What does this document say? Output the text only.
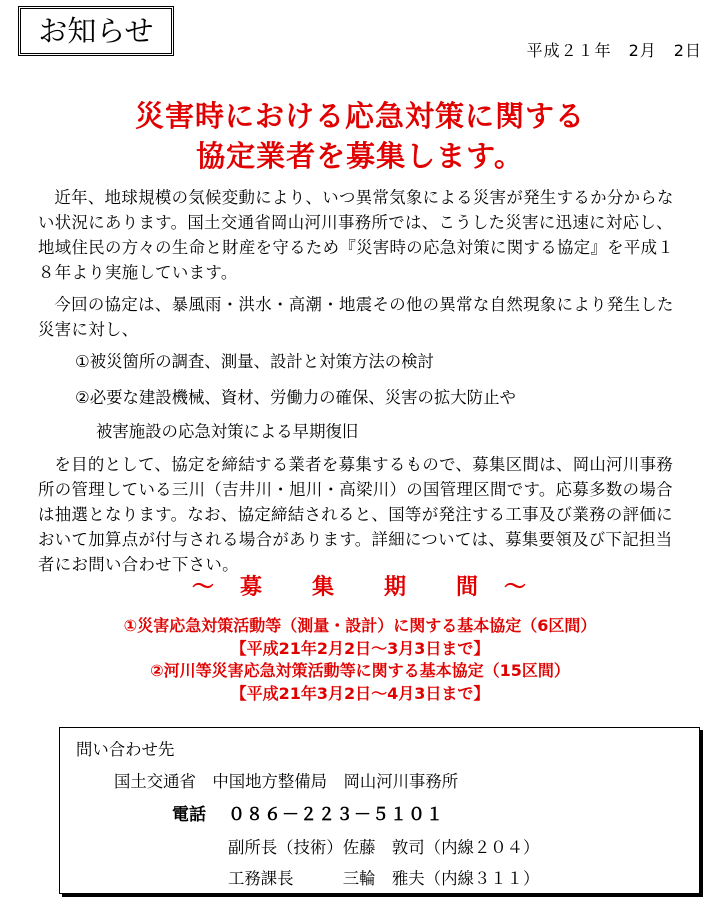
お知らせ
平成２１年　2月　2日
災害時における応急対策に関する
協定業者を募集します。

近年、地球規模の気候変動により、いつ異常気象による災害が発生するか分からない状況にあります。国土交通省岡山河川事務所では、こうした災害に迅速に対応し、地域住民の方々の生命と財産を守るため『災害時の応急対策に関する協定』を平成１８年より実施しています。

今回の協定は、暴風雨・洪水・高潮・地震その他の異常な自然現象により発生した災害に対し、

①被災箇所の調査、測量、設計と対策方法の検討

②必要な建設機械、資材、労働力の確保、災害の拡大防止や

被害施設の応急対策による早期復旧

を目的として、協定を締結する業者を募集するもので、募集区間は、岡山河川事務所の管理している三川（吉井川・旭川・高梁川）の国管理区間です。応募多数の場合は抽選となります。なお、協定締結されると、国等が発注する工事及び業務の評価において加算点が付与される場合があります。詳細については、募集要領及び下記担当者にお問い合わせ下さい。

～　募　　集　　期　　間　～
①災害応急対策活動等（測量・設計）に関する基本協定（6区間）
【平成21年2月2日～3月3日まで】
②河川等災害応急対策活動等に関する基本協定（15区間）
【平成21年3月2日～4月3日まで】

問い合わせ先

国土交通省　中国地方整備局　岡山河川事務所

電話 ０８６－２２３－５１０１

副所長（技術）佐藤　敦司（内線２０４）

工務課長　　　三輪　雅夫（内線３１１）
